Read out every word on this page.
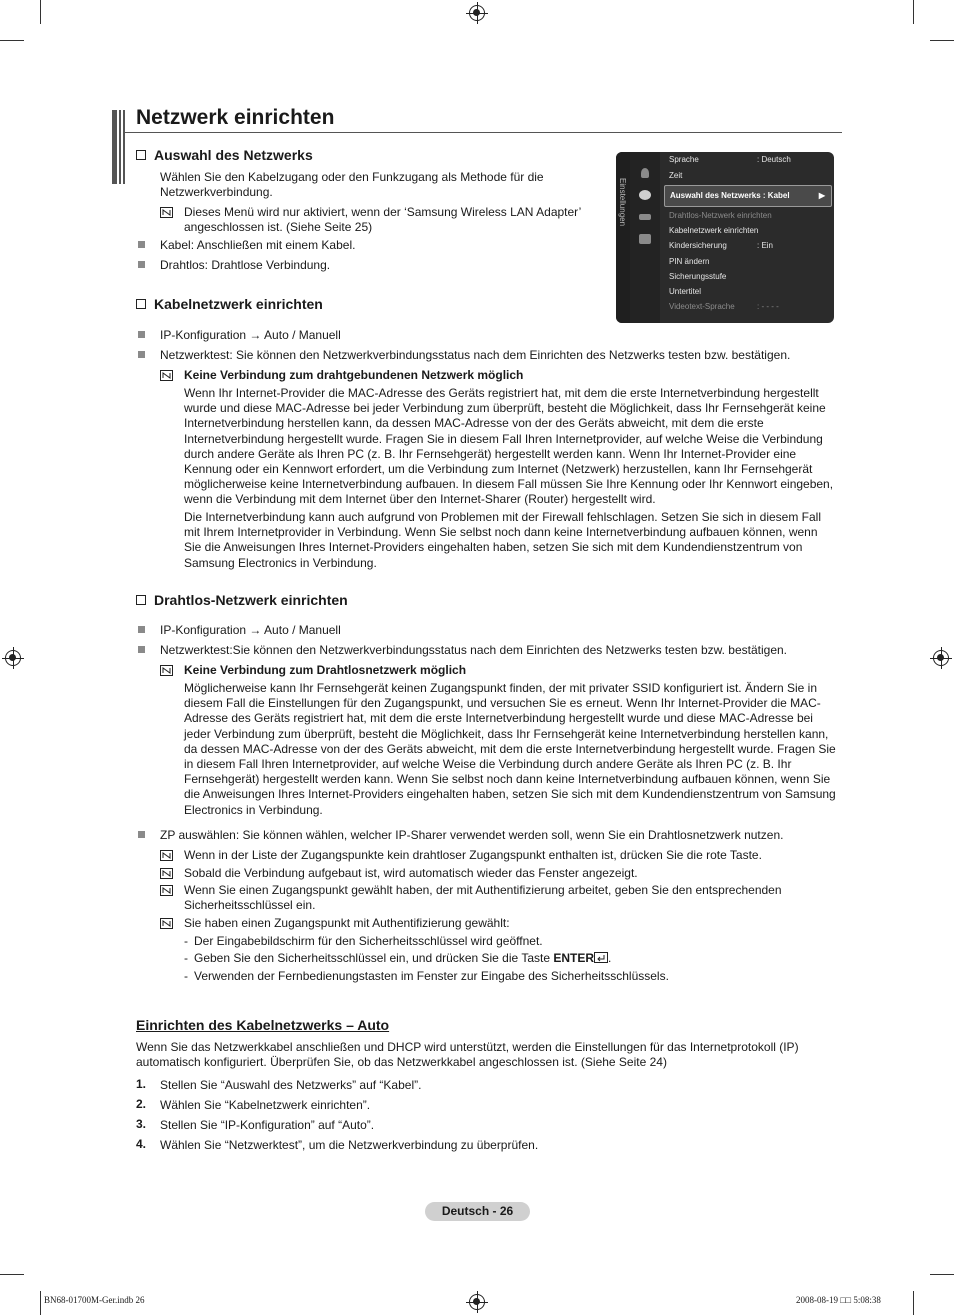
Netzwerk einrichten
Auswahl des Netzwerks

Wählen Sie den Kabelzugang oder den Funkzugang als Methode für die Netzwerkverbindung.

Dieses Menü wird nur aktiviert, wenn der ‘Samsung Wireless LAN Adapter’ angeschlossen ist. (Siehe Seite 25)

Kabel: Anschließen mit einem Kabel.

Drahtlos: Drahtlose Verbindung.

Einstellungen
Sprache	: Deutsch
Zeit
Auswahl des Netzwerks : Kabel	▶
Drahtlos-Netzwerk einrichten
Kabelnetzwerk einrichten
Kindersicherung	: Ein
PIN ändern
Sicherungsstufe
Untertitel
Videotext-Sprache	: - - - -
Kabelnetzwerk einrichten

IP-Konfiguration → Auto / Manuell

Netzwerktest: Sie können den Netzwerkverbindungsstatus nach dem Einrichten des Netzwerks testen bzw. bestätigen.

Keine Verbindung zum drahtgebundenen Netzwerk möglich

Wenn Ihr Internet-Provider die MAC-Adresse des Geräts registriert hat, mit dem die erste Internetverbindung hergestellt wurde und diese MAC-Adresse bei jeder Verbindung zum überprüft, besteht die Möglichkeit, dass Ihr Fernsehgerät keine Internetverbindung herstellen kann, da dessen MAC-Adresse von der des Geräts abweicht, mit dem die erste Internetverbindung hergestellt wurde. Fragen Sie in diesem Fall Ihren Internetprovider, auf welche Weise die Verbindung durch andere Geräte als Ihren PC (z. B. Ihr Fernsehgerät) hergestellt werden kann. Wenn Ihr Internet-Provider eine Kennung oder ein Kennwort erfordert, um die Verbindung zum Internet (Netzwerk) herzustellen, kann Ihr Fernsehgerät möglicherweise keine Internetverbindung aufbauen. In diesem Fall müssen Sie Ihre Kennung oder Ihr Kennwort eingeben, wenn die Verbindung mit dem Internet über den Internet-Sharer (Router) hergestellt wird.

Die Internetverbindung kann auch aufgrund von Problemen mit der Firewall fehlschlagen. Setzen Sie sich in diesem Fall mit Ihrem Internetprovider in Verbindung. Wenn Sie selbst noch dann keine Internetverbindung aufbauen können, wenn Sie die Anweisungen Ihres Internet-Providers eingehalten haben, setzen Sie sich mit dem Kundendienstzentrum von Samsung Electronics in Verbindung.

Drahtlos-Netzwerk einrichten

IP-Konfiguration → Auto / Manuell

Netzwerktest:Sie können den Netzwerkverbindungsstatus nach dem Einrichten des Netzwerks testen bzw. bestätigen.

Keine Verbindung zum Drahtlosnetzwerk möglich

Möglicherweise kann Ihr Fernsehgerät keinen Zugangspunkt finden, der mit privater SSID konfiguriert ist. Ändern Sie in diesem Fall die Einstellungen für den Zugangspunkt, und versuchen Sie es erneut. Wenn Ihr Internet-Provider die MAC-Adresse des Geräts registriert hat, mit dem die erste Internetverbindung hergestellt wurde und diese MAC-Adresse bei jeder Verbindung zum überprüft, besteht die Möglichkeit, dass Ihr Fernsehgerät keine Internetverbindung herstellen kann, da dessen MAC-Adresse von der des Geräts abweicht, mit dem die erste Internetverbindung hergestellt wurde. Fragen Sie in diesem Fall Ihren Internetprovider, auf welche Weise die Verbindung durch andere Geräte als Ihren PC (z. B. Ihr Fernsehgerät) hergestellt werden kann. Wenn Sie selbst noch dann keine Internetverbindung aufbauen können, wenn Sie die Anweisungen Ihres Internet-Providers eingehalten haben, setzen Sie sich mit dem Kundendienstzentrum von Samsung Electronics in Verbindung.

ZP auswählen: Sie können wählen, welcher IP-Sharer verwendet werden soll, wenn Sie ein Drahtlosnetzwerk nutzen.

Wenn in der Liste der Zugangspunkte kein drahtloser Zugangspunkt enthalten ist, drücken Sie die rote Taste.

Sobald die Verbindung aufgebaut ist, wird automatisch wieder das Fenster angezeigt.

Wenn Sie einen Zugangspunkt gewählt haben, der mit Authentifizierung arbeitet, geben Sie den entsprechenden Sicherheitsschlüssel ein.

Sie haben einen Zugangspunkt mit Authentifizierung gewählt:

- Der Eingabebildschirm für den Sicherheitsschlüssel wird geöffnet.

- Geben Sie den Sicherheitsschlüssel ein, und drücken Sie die Taste ENTER .

- Verwenden der Fernbedienungstasten im Fenster zur Eingabe des Sicherheitsschlüssels.

Einrichten des Kabelnetzwerks – Auto

Wenn Sie das Netzwerkkabel anschließen und DHCP wird unterstützt, werden die Einstellungen für das Internetprotokoll (IP) automatisch konfiguriert. Überprüfen Sie, ob das Netzwerkkabel angeschlossen ist. (Siehe Seite 24)

1. Stellen Sie “Auswahl des Netzwerks” auf “Kabel”.

2. Wählen Sie “Kabelnetzwerk einrichten”.

3. Stellen Sie “IP-Konfiguration” auf “Auto”.

4. Wählen Sie “Netzwerktest”, um die Netzwerkverbindung zu überprüfen.

Deutsch - 26
BN68-01700M-Ger.indb 26	2008-08-19 □□ 5:08:38
